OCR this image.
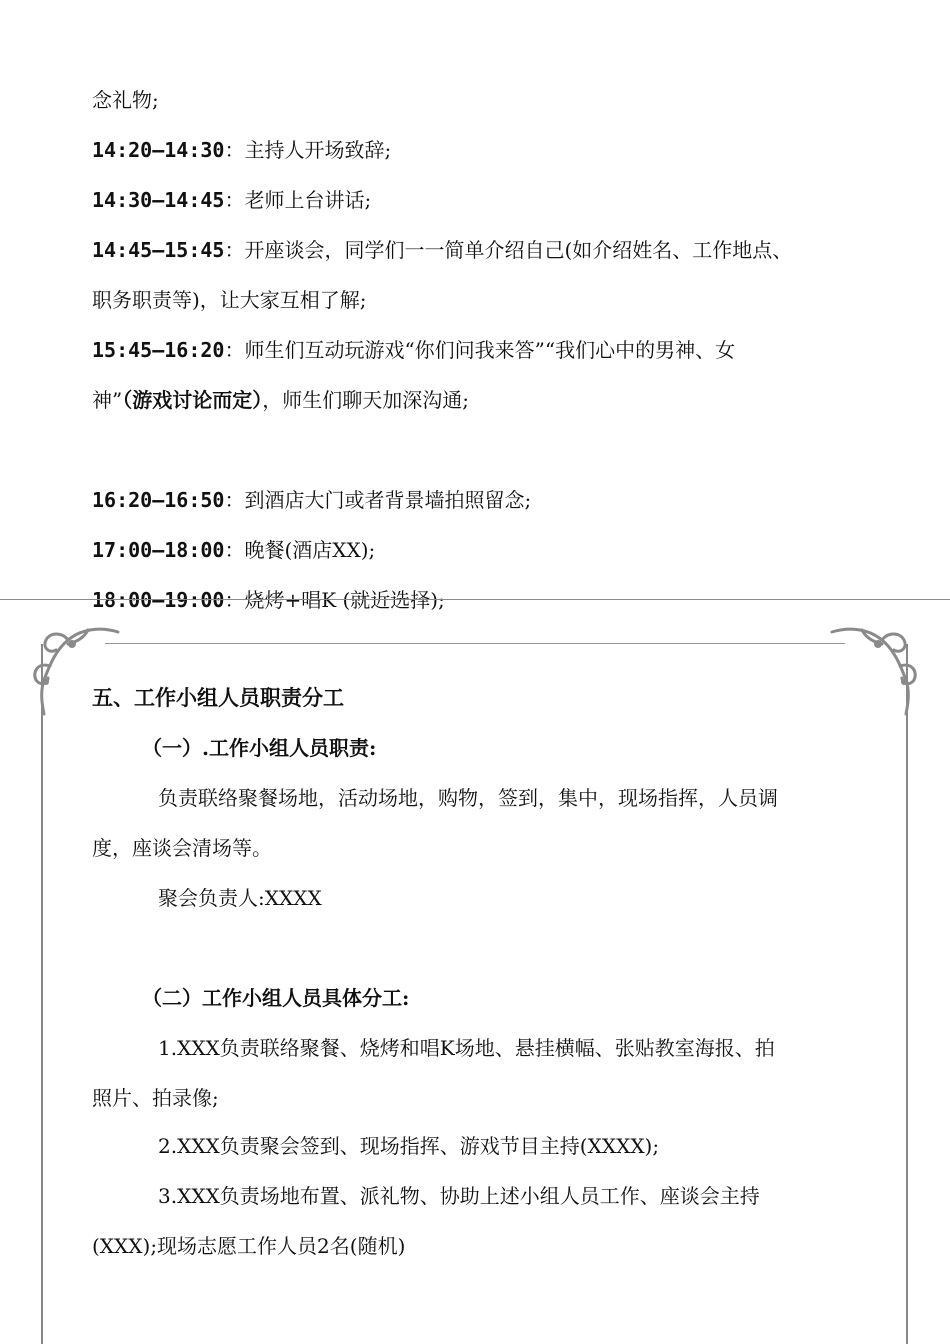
念礼物;
14:20—14:30：主持人开场致辞;
14:30—14:45：老师上台讲话;
14:45—15:45：开座谈会，同学们一一简单介绍自己(如介绍姓名、工作地点、
职务职责等)，让大家互相了解;
15:45—16:20：师生们互动玩游戏“你们问我来答”“我们心中的男神、女
神”（游戏讨论而定），师生们聊天加深沟通;
16:20—16:50：到酒店大门或者背景墙拍照留念;
17:00—18:00：晚餐(酒店XX);
18:00—19:00：烧烤+唱K (就近选择);
五、工作小组人员职责分工
（一）.工作小组人员职责:
负责联络聚餐场地，活动场地，购物，签到，集中，现场指挥，人员调
度，座谈会清场等。
聚会负责人:XXXX
（二）工作小组人员具体分工:
1.XXX负责联络聚餐、烧烤和唱K场地、悬挂横幅、张贴教室海报、拍
照片、拍录像;
2.XXX负责聚会签到、现场指挥、游戏节目主持(XXXX);
3.XXX负责场地布置、派礼物、协助上述小组人员工作、座谈会主持
(XXX);现场志愿工作人员2名(随机)
